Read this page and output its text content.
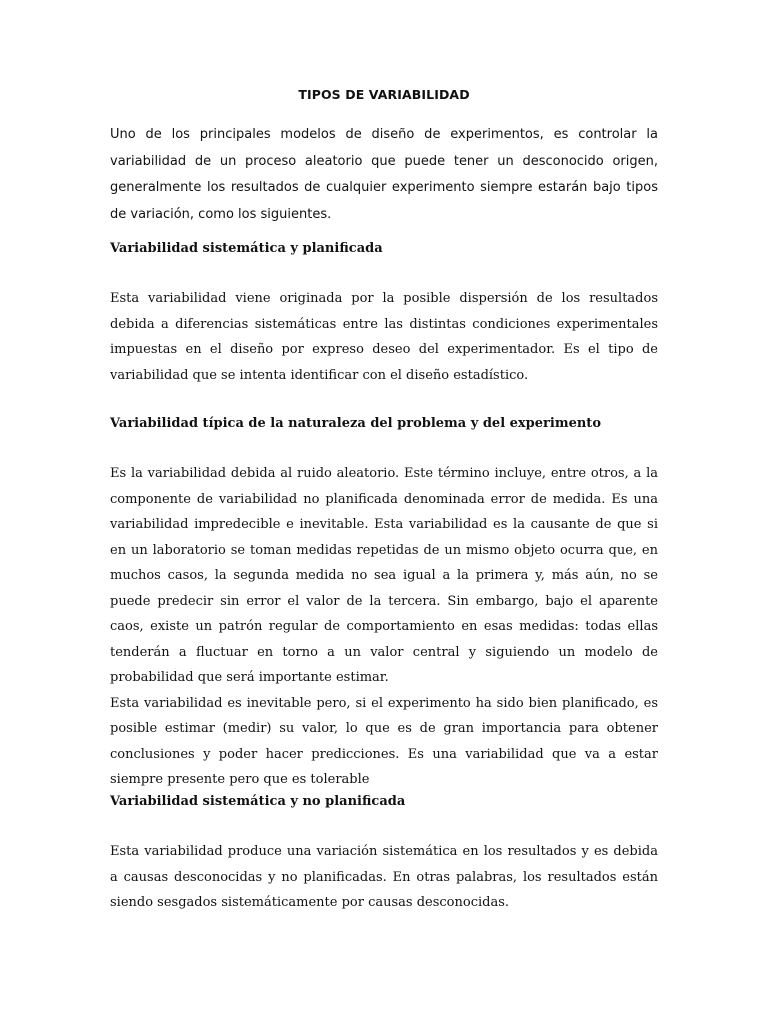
TIPOS DE VARIABILIDAD
Uno de los principales modelos de diseño de experimentos, es controlar la variabilidad de un proceso aleatorio que puede tener un desconocido origen, generalmente los resultados de cualquier experimento siempre estarán bajo tipos de variación, como los siguientes.
Variabilidad sistemática y planificada
Esta variabilidad viene originada por la posible dispersión de los resultados debida a diferencias sistemáticas entre las distintas condiciones experimentales impuestas en el diseño por expreso deseo del experimentador. Es el tipo de variabilidad que se intenta identificar con el diseño estadístico.
Variabilidad típica de la naturaleza del problema y del experimento
Es la variabilidad debida al ruido aleatorio. Este término incluye, entre otros, a la componente de variabilidad no planificada denominada error de medida. Es una variabilidad impredecible e inevitable. Esta variabilidad es la causante de que si en un laboratorio se toman medidas repetidas de un mismo objeto ocurra que, en muchos casos, la segunda medida no sea igual a la primera y, más aún, no se puede predecir sin error el valor de la tercera. Sin embargo, bajo el aparente caos, existe un patrón regular de comportamiento en esas medidas: todas ellas tenderán a fluctuar en torno a un valor central y siguiendo un modelo de probabilidad que será importante estimar.
Esta variabilidad es inevitable pero, si el experimento ha sido bien planificado, es posible estimar (medir) su valor, lo que es de gran importancia para obtener conclusiones y poder hacer predicciones. Es una variabilidad que va a estar siempre presente pero que es tolerable
Variabilidad sistemática y no planificada
Esta variabilidad produce una variación sistemática en los resultados y es debida a causas desconocidas y no planificadas. En otras palabras, los resultados están siendo sesgados sistemáticamente por causas desconocidas.
